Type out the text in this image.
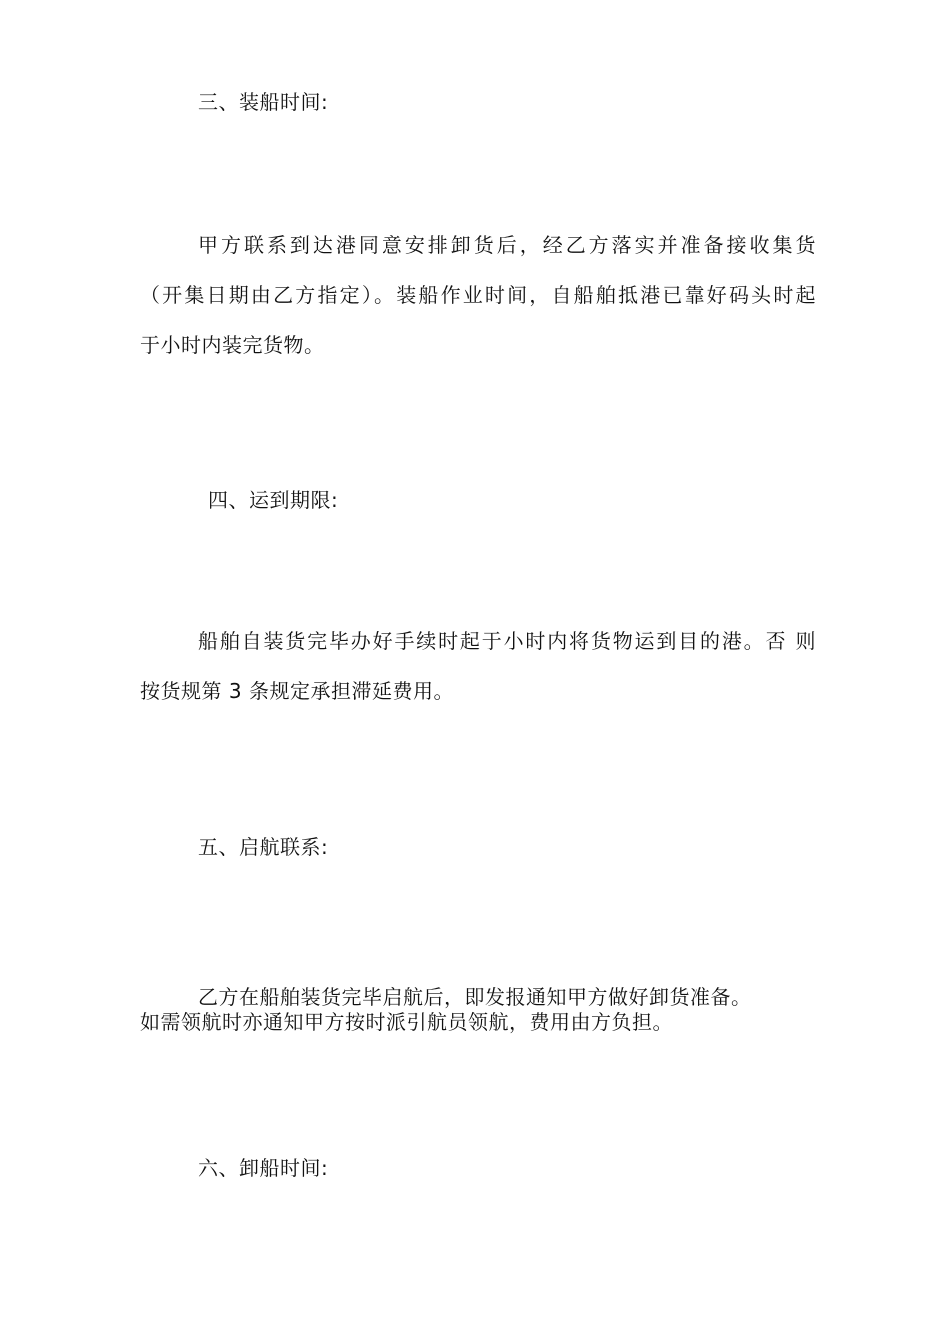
三、装船时间:
甲方联系到达港同意安排卸货后，经乙方落实并准备接收集货
（开集日期由乙方指定）。装船作业时间，自船舶抵港已靠好码头时起
于小时内装完货物。
四、运到期限:
船舶自装货完毕办好手续时起于小时内将货物运到目的港。否 则
按货规第 3 条规定承担滞延费用。
五、启航联系:
乙方在船舶装货完毕启航后，即发报通知甲方做好卸货准备。
如需领航时亦通知甲方按时派引航员领航，费用由方负担。
六、卸船时间:
